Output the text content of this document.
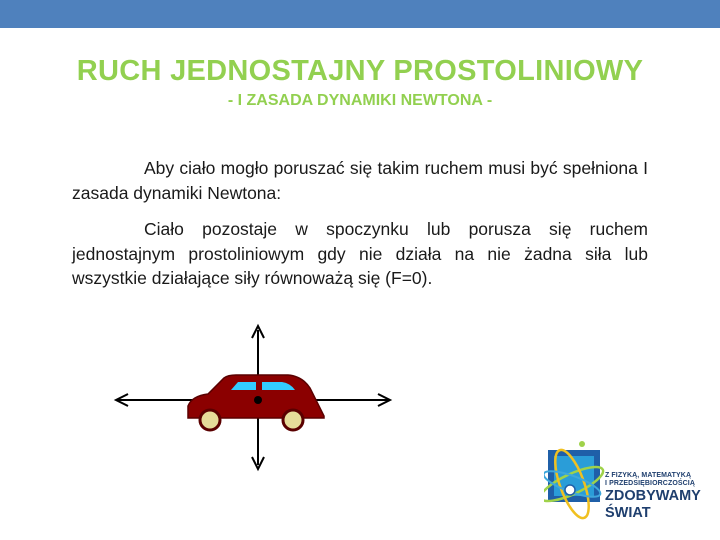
RUCH JEDNOSTAJNY PROSTOLINIOWY
- I ZASADA DYNAMIKI NEWTONA -

Aby ciało mogło poruszać się takim ruchem musi być spełniona I zasada dynamiki Newtona:

Ciało pozostaje w spoczynku lub porusza się ruchem jednostajnym prostoliniowym gdy nie działa na nie żadna siła lub wszystkie działające siły równoważą się (F=0).

Z FIZYKĄ, MATEMATYKĄ
I PRZEDSIĘBIORCZOŚCIĄ
ZDOBYWAMY
ŚWIAT
